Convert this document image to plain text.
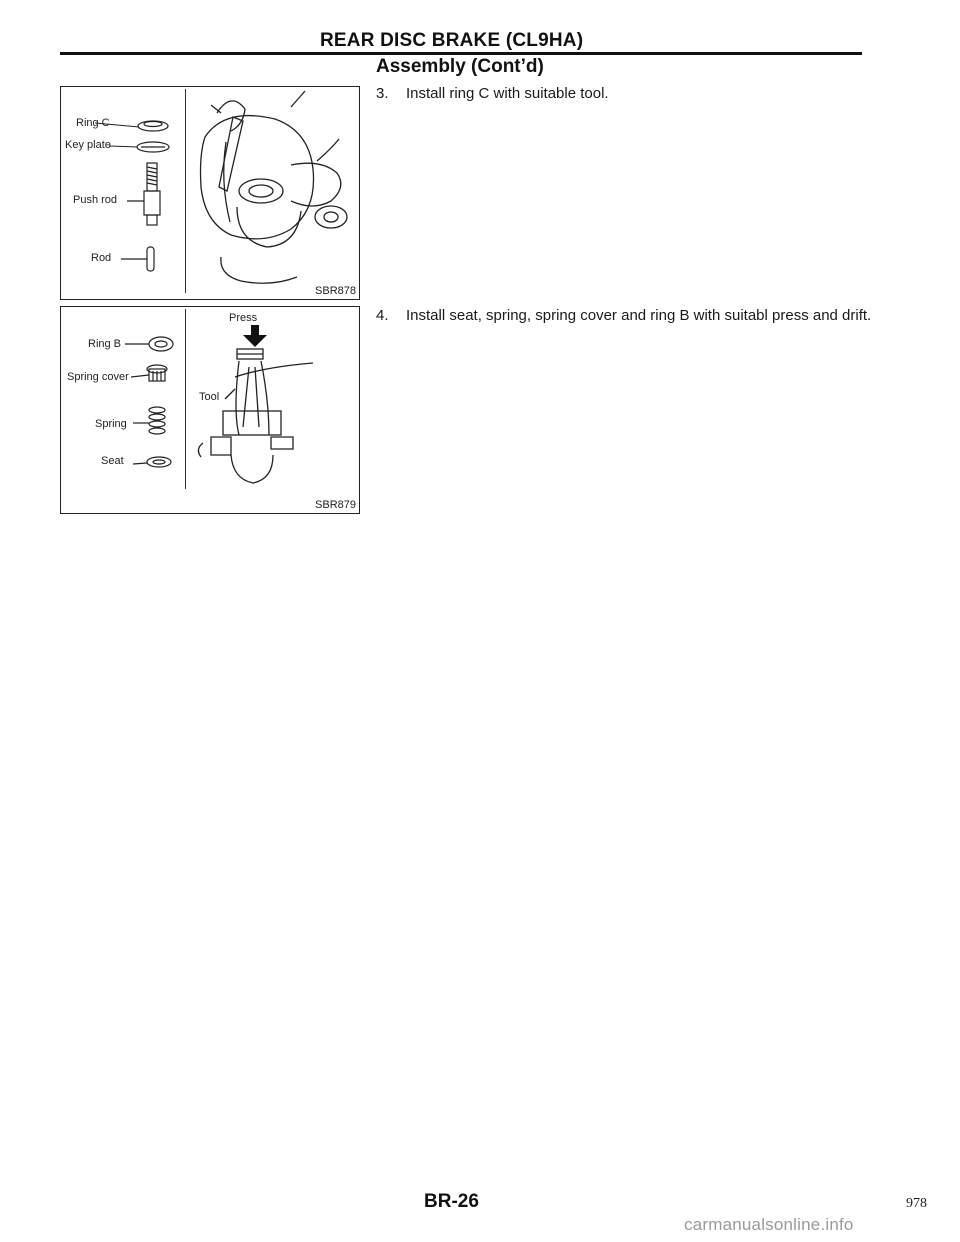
REAR DISC BRAKE (CL9HA)
Assembly (Cont’d)
Ring C
Key plate
Push rod
Rod
SBR878
Press
Tool
Ring B
Spring cover
Spring
Seat
SBR879
3. Install ring C with suitable tool.
4. Install seat, spring, spring cover and ring B with suitabl press and drift.
BR-26	978
carmanualsonline.info
